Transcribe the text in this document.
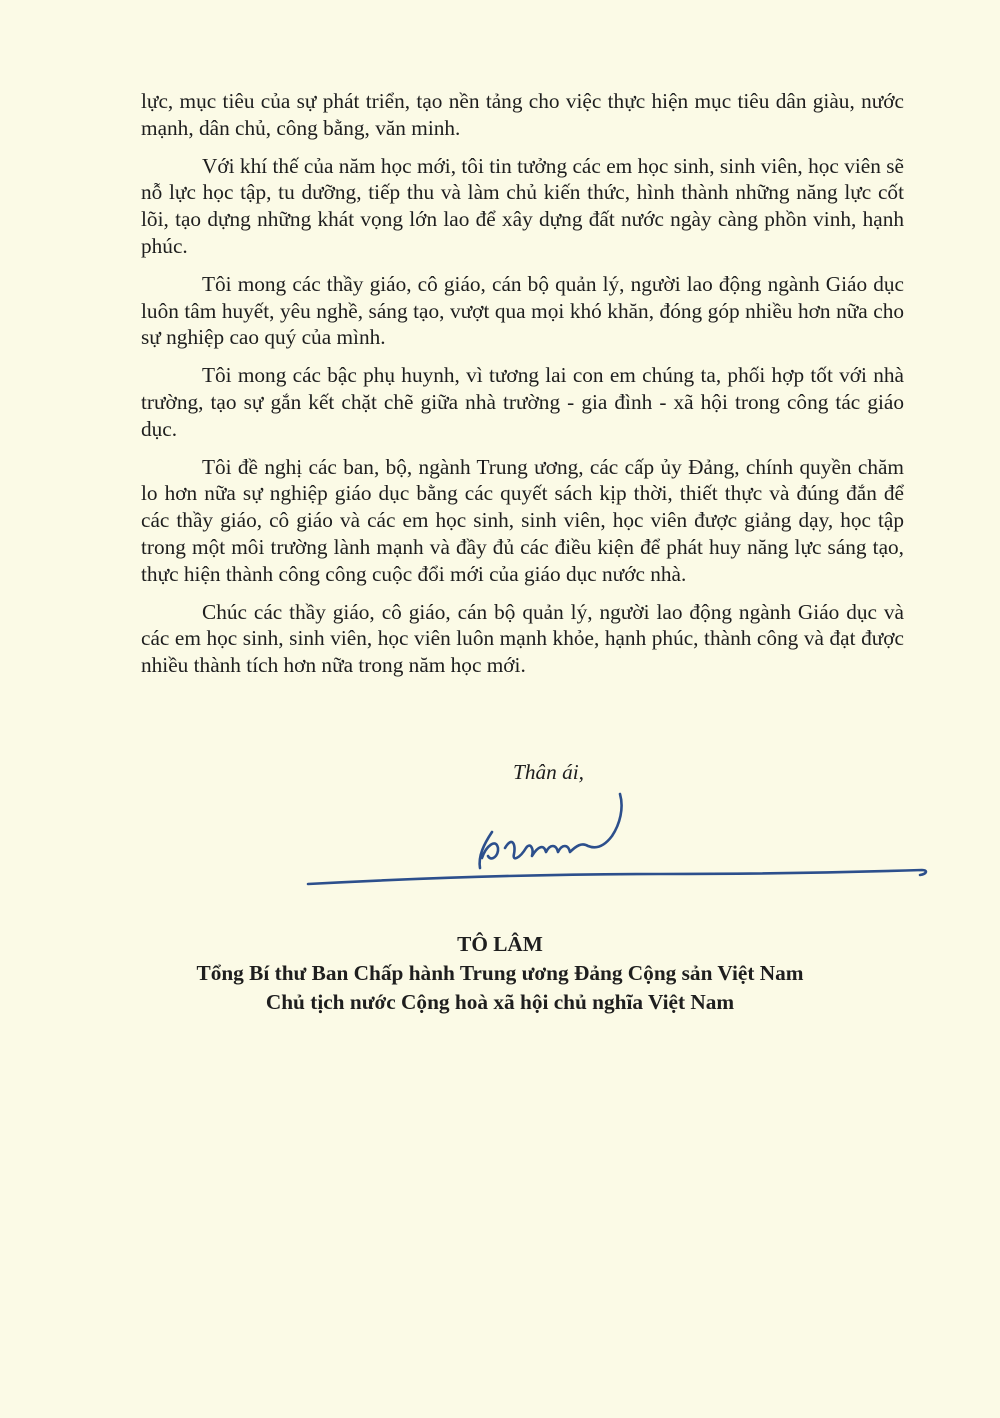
lực, mục tiêu của sự phát triển, tạo nền tảng cho việc thực hiện mục tiêu dân giàu, nước mạnh, dân chủ, công bằng, văn minh.

Với khí thế của năm học mới, tôi tin tưởng các em học sinh, sinh viên, học viên sẽ nỗ lực học tập, tu dưỡng, tiếp thu và làm chủ kiến thức, hình thành những năng lực cốt lõi, tạo dựng những khát vọng lớn lao để xây dựng đất nước ngày càng phồn vinh, hạnh phúc.

Tôi mong các thầy giáo, cô giáo, cán bộ quản lý, người lao động ngành Giáo dục luôn tâm huyết, yêu nghề, sáng tạo, vượt qua mọi khó khăn, đóng góp nhiều hơn nữa cho sự nghiệp cao quý của mình.

Tôi mong các bậc phụ huynh, vì tương lai con em chúng ta, phối hợp tốt với nhà trường, tạo sự gắn kết chặt chẽ giữa nhà trường - gia đình - xã hội trong công tác giáo dục.

Tôi đề nghị các ban, bộ, ngành Trung ương, các cấp ủy Đảng, chính quyền chăm lo hơn nữa sự nghiệp giáo dục bằng các quyết sách kịp thời, thiết thực và đúng đắn để các thầy giáo, cô giáo và các em học sinh, sinh viên, học viên được giảng dạy, học tập trong một môi trường lành mạnh và đầy đủ các điều kiện để phát huy năng lực sáng tạo, thực hiện thành công công cuộc đổi mới của giáo dục nước nhà.

Chúc các thầy giáo, cô giáo, cán bộ quản lý, người lao động ngành Giáo dục và các em học sinh, sinh viên, học viên luôn mạnh khỏe, hạnh phúc, thành công và đạt được nhiều thành tích hơn nữa trong năm học mới.

Thân ái,

TÔ LÂM
Tổng Bí thư Ban Chấp hành Trung ương Đảng Cộng sản Việt Nam
Chủ tịch nước Cộng hoà xã hội chủ nghĩa Việt Nam
